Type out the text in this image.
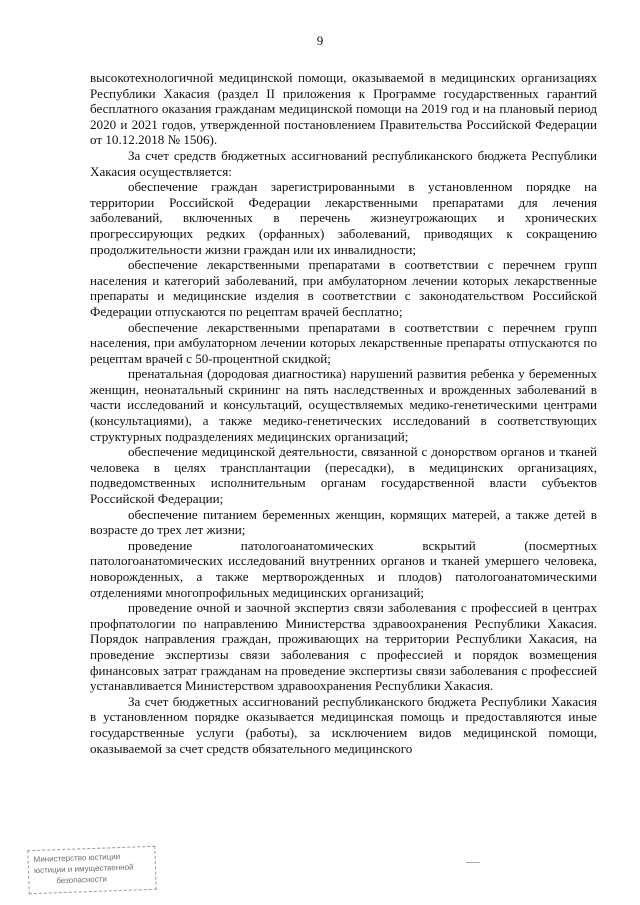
9

высокотехнологичной медицинской помощи, оказываемой в медицинских организациях Республики Хакасия (раздел II приложения к Программе государственных гарантий бесплатного оказания гражданам медицинской помощи на 2019 год и на плановый период 2020 и 2021 годов, утвержденной постановлением Правительства Российской Федерации от 10.12.2018 № 1506).

За счет средств бюджетных ассигнований республиканского бюджета Республики Хакасия осуществляется:

обеспечение граждан зарегистрированными в установленном порядке на территории Российской Федерации лекарственными препаратами для лечения заболеваний, включенных в перечень жизнеугрожающих и хронических прогрессирующих редких (орфанных) заболеваний, приводящих к сокращению продолжительности жизни граждан или их инвалидности;

обеспечение лекарственными препаратами в соответствии с перечнем групп населения и категорий заболеваний, при амбулаторном лечении которых лекарственные препараты и медицинские изделия в соответствии с законодательством Российской Федерации отпускаются по рецептам врачей бесплатно;

обеспечение лекарственными препаратами в соответствии с перечнем групп населения, при амбулаторном лечении которых лекарственные препараты отпускаются по рецептам врачей с 50-процентной скидкой;

пренатальная (дородовая диагностика) нарушений развития ребенка у беременных женщин, неонатальный скрининг на пять наследственных и врожденных заболеваний в части исследований и консультаций, осуществляемых медико-генетическими центрами (консультациями), а также медико-генетических исследований в соответствующих структурных подразделениях медицинских организаций;

обеспечение медицинской деятельности, связанной с донорством органов и тканей человека в целях трансплантации (пересадки), в медицинских организациях, подведомственных исполнительным органам государственной власти субъектов Российской Федерации;

обеспечение питанием беременных женщин, кормящих матерей, а также детей в возрасте до трех лет жизни;

проведение патологоанатомических вскрытий (посмертных патологоанатомических исследований внутренних органов и тканей умершего человека, новорожденных, а также мертворожденных и плодов) патологоанатомическими отделениями многопрофильных медицинских организаций;

проведение очной и заочной экспертиз связи заболевания с профессией в центрах профпатологии по направлению Министерства здравоохранения Республики Хакасия. Порядок направления граждан, проживающих на территории Республики Хакасия, на проведение экспертизы связи заболевания с профессией и порядок возмещения финансовых затрат гражданам на проведение экспертизы связи заболевания с профессией устанавливается Министерством здравоохранения Республики Хакасия.

За счет бюджетных ассигнований республиканского бюджета Республики Хакасия в установленном порядке оказывается медицинская помощь и предоставляются иные государственные услуги (работы), за исключением видов медицинской помощи, оказываемой за счет средств обязательного медицинского

Министерство юстиции
юстиции и имущественной
безопасности
